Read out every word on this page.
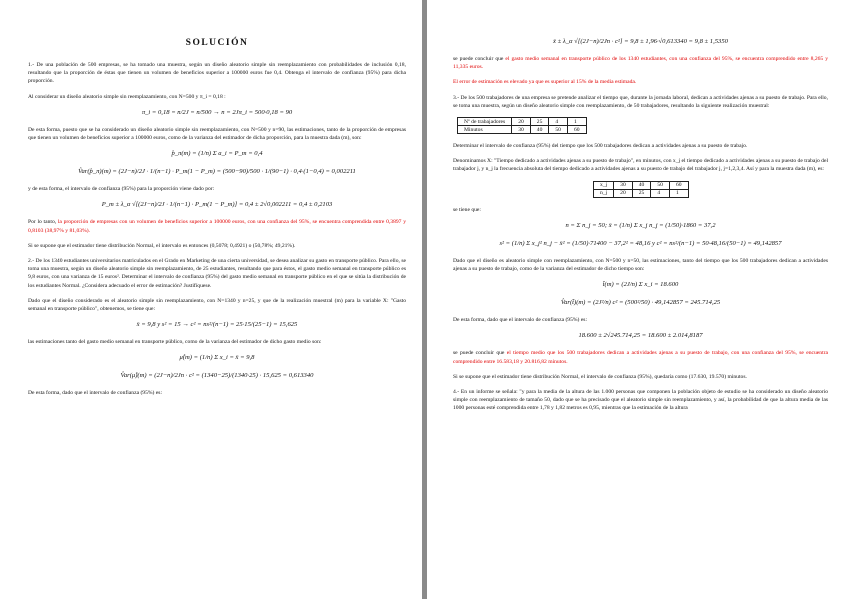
SOLUCIÓN

1.- De una población de 500 empresas, se ha tomado una muestra, según un diseño aleatorio simple sin reemplazamiento con probabilidades de inclusión 0,18, resultando que la proporción de éstas que tienen un volumen de beneficios superior a 100000 euros fue 0,4. Obtenga el intervalo de confianza (95%) para dicha proporción.

Al considerar un diseño aleatorio simple sin reemplazamiento, con N=500 y π_i = 0,18 :

π_i = 0,18 = n/2J = n/500 → n = 2Jπ_i = 500·0,18 = 90

De esta forma, puesto que se ha considerado un diseño aleatorio simple sin reemplazamiento, con N=500 y n=90, las estimaciones, tanto de la proporción de empresas que tienen un volumen de beneficios superior a 100000 euros, como de la varianza del estimador de dicha proporción, para la muestra dada (m), son:

p̂_π(m) = (1/n) Σ a_i = P_m = 0,4
V̂ar(p̂_π)(m) = (2J−n)/2J · 1/(n−1) · P_m(1 − P_m) = (500−90)/500 · 1/(90−1) · 0,4·(1−0,4) = 0,002211

y de esta forma, el intervalo de confianza (95%) para la proporción viene dado por:

P_m ± λ_α √[(2J−n)/2J · 1/(n−1) · P_m(1 − P_m)] = 0,4 ± 2√0,002211 = 0,4 ± 0,2103

Por lo tanto, la proporción de empresas con un volumen de beneficios superior a 100000 euros, con una confianza del 95%, se encuentra comprendida entre 0,3897 y 0,8103 (38,97% y 81,03%).

Si se supone que el estimador tiene distribución Normal, el intervalo es entonces (0,5078; 0,4921) o (50,78%; 49,21%).

2.- De los 1340 estudiantes universitarios matriculados en el Grado en Marketing de una cierta universidad, se desea analizar su gasto en transporte público. Para ello, se toma una muestra, según un diseño aleatorio simple sin reemplazamiento, de 25 estudiantes, resultando que para éstos, el gasto medio semanal en transporte público es 9,8 euros, con una varianza de 15 euros². Determinar el intervalo de confianza (95%) del gasto medio semanal en transporte público en el que se sitúa la distribución de los estudiantes Normal. ¿Considera adecuado el error de estimación? Justifíquese.

Dado que el diseño considerado es el aleatorio simple sin reemplazamiento, con N=1340 y n=25, y que de la realización muestral (m) para la variable X: "Gasto semanal en transporte público", obtenemos, se tiene que:

x̄ = 9,8 y s² = 15 → c² = ns²/(n−1) = 25·15/(25−1) = 15,625

las estimaciones tanto del gasto medio semanal en transporte público, como de la varianza del estimador de dicho gasto medio son:

μ̂(m) = (1/n) Σ x_i = x̄ = 9,8
V̂ar(μ̂)(m) = (2J−n)/2Jn · c² = (1340−25)/(1340·25) · 15,625 = 0,613340

De esta forma, dado que el intervalo de confianza (95%) es:

x̄ ± λ_α √[(2J−n)/2Jn · c²] = 9,8 ± 1,96·√0,613340 = 9,8 ± 1,5350

se puede concluir que el gasto medio semanal en transporte público de los 1340 estudiantes, con una confianza del 95%, se encuentra comprendido entre 8,265 y 11,335 euros.

El error de estimación es elevado ya que es superior al 15% de la media estimada.

3.- De los 500 trabajadores de una empresa se pretende analizar el tiempo que, durante la jornada laboral, dedican a actividades ajenas a su puesto de trabajo. Para ello, se toma una muestra, según un diseño aleatorio simple con reemplazamiento, de 50 trabajadores, resultando la siguiente realización muestral:

Nº de trabajadores	20	25	4	1
Minutos	30	40	50	60

Determinar el intervalo de confianza (95%) del tiempo que los 500 trabajadores dedican a actividades ajenas a su puesto de trabajo.

Denominamos X: "Tiempo dedicado a actividades ajenas a su puesto de trabajo", en minutos, con x_j el tiempo dedicado a actividades ajenas a su puesto de trabajo del trabajador j, y n_j la frecuencia absoluta del tiempo dedicado a actividades ajenas a su puesto de trabajo del trabajador j, j=1,2,3,4. Así y para la muestra dada (m), es:

x_j	30	40	50	60
n_j	20	25	4	1

se tiene que:

n = Σ n_j = 50; x̄ = (1/n) Σ x_j n_j = (1/50)·1860 = 37,2
s² = (1/n) Σ x_j² n_j − x̄² = (1/50)·71400 − 37,2² = 48,16 y c² = ns²/(n−1) = 50·48,16/(50−1) = 49,142857

Dado que el diseño es aleatorio simple con reemplazamiento, con N=500 y n=50, las estimaciones, tanto del tiempo que los 500 trabajadores dedican a actividades ajenas a su puesto de trabajo, como de la varianza del estimador de dicho tiempo son:

t̂(m) = (2J/n) Σ x_i = 18.600
V̂ar(t̂)(m) = (2J²/n) c² = (500²/50) · 49,142857 = 245.714,25

De esta forma, dado que el intervalo de confianza (95%) es:

18.600 ± 2√245.714,25 = 18.600 ± 2.014,8187

se puede concluir que el tiempo medio que los 500 trabajadores dedican a actividades ajenas a su puesto de trabajo, con una confianza del 95%, se encuentra comprendido entre 16.583,18 y 20.816,82 minutos.

Si se supone que el estimador tiene distribución Normal, el intervalo de confianza (95%), quedaría como (17.630, 19.570) minutos.

4.- En un informe se señala: "y para la media de la altura de las 1.000 personas que componen la población objeto de estudio se ha considerado un diseño aleatorio simple con reemplazamiento de tamaño 50, dado que se ha precisado que el aleatorio simple sin reemplazamiento, y así, la probabilidad de que la altura media de las 1000 personas esté comprendida entre 1,78 y 1,82 metros es 0,95, mientras que la estimación de la altura
